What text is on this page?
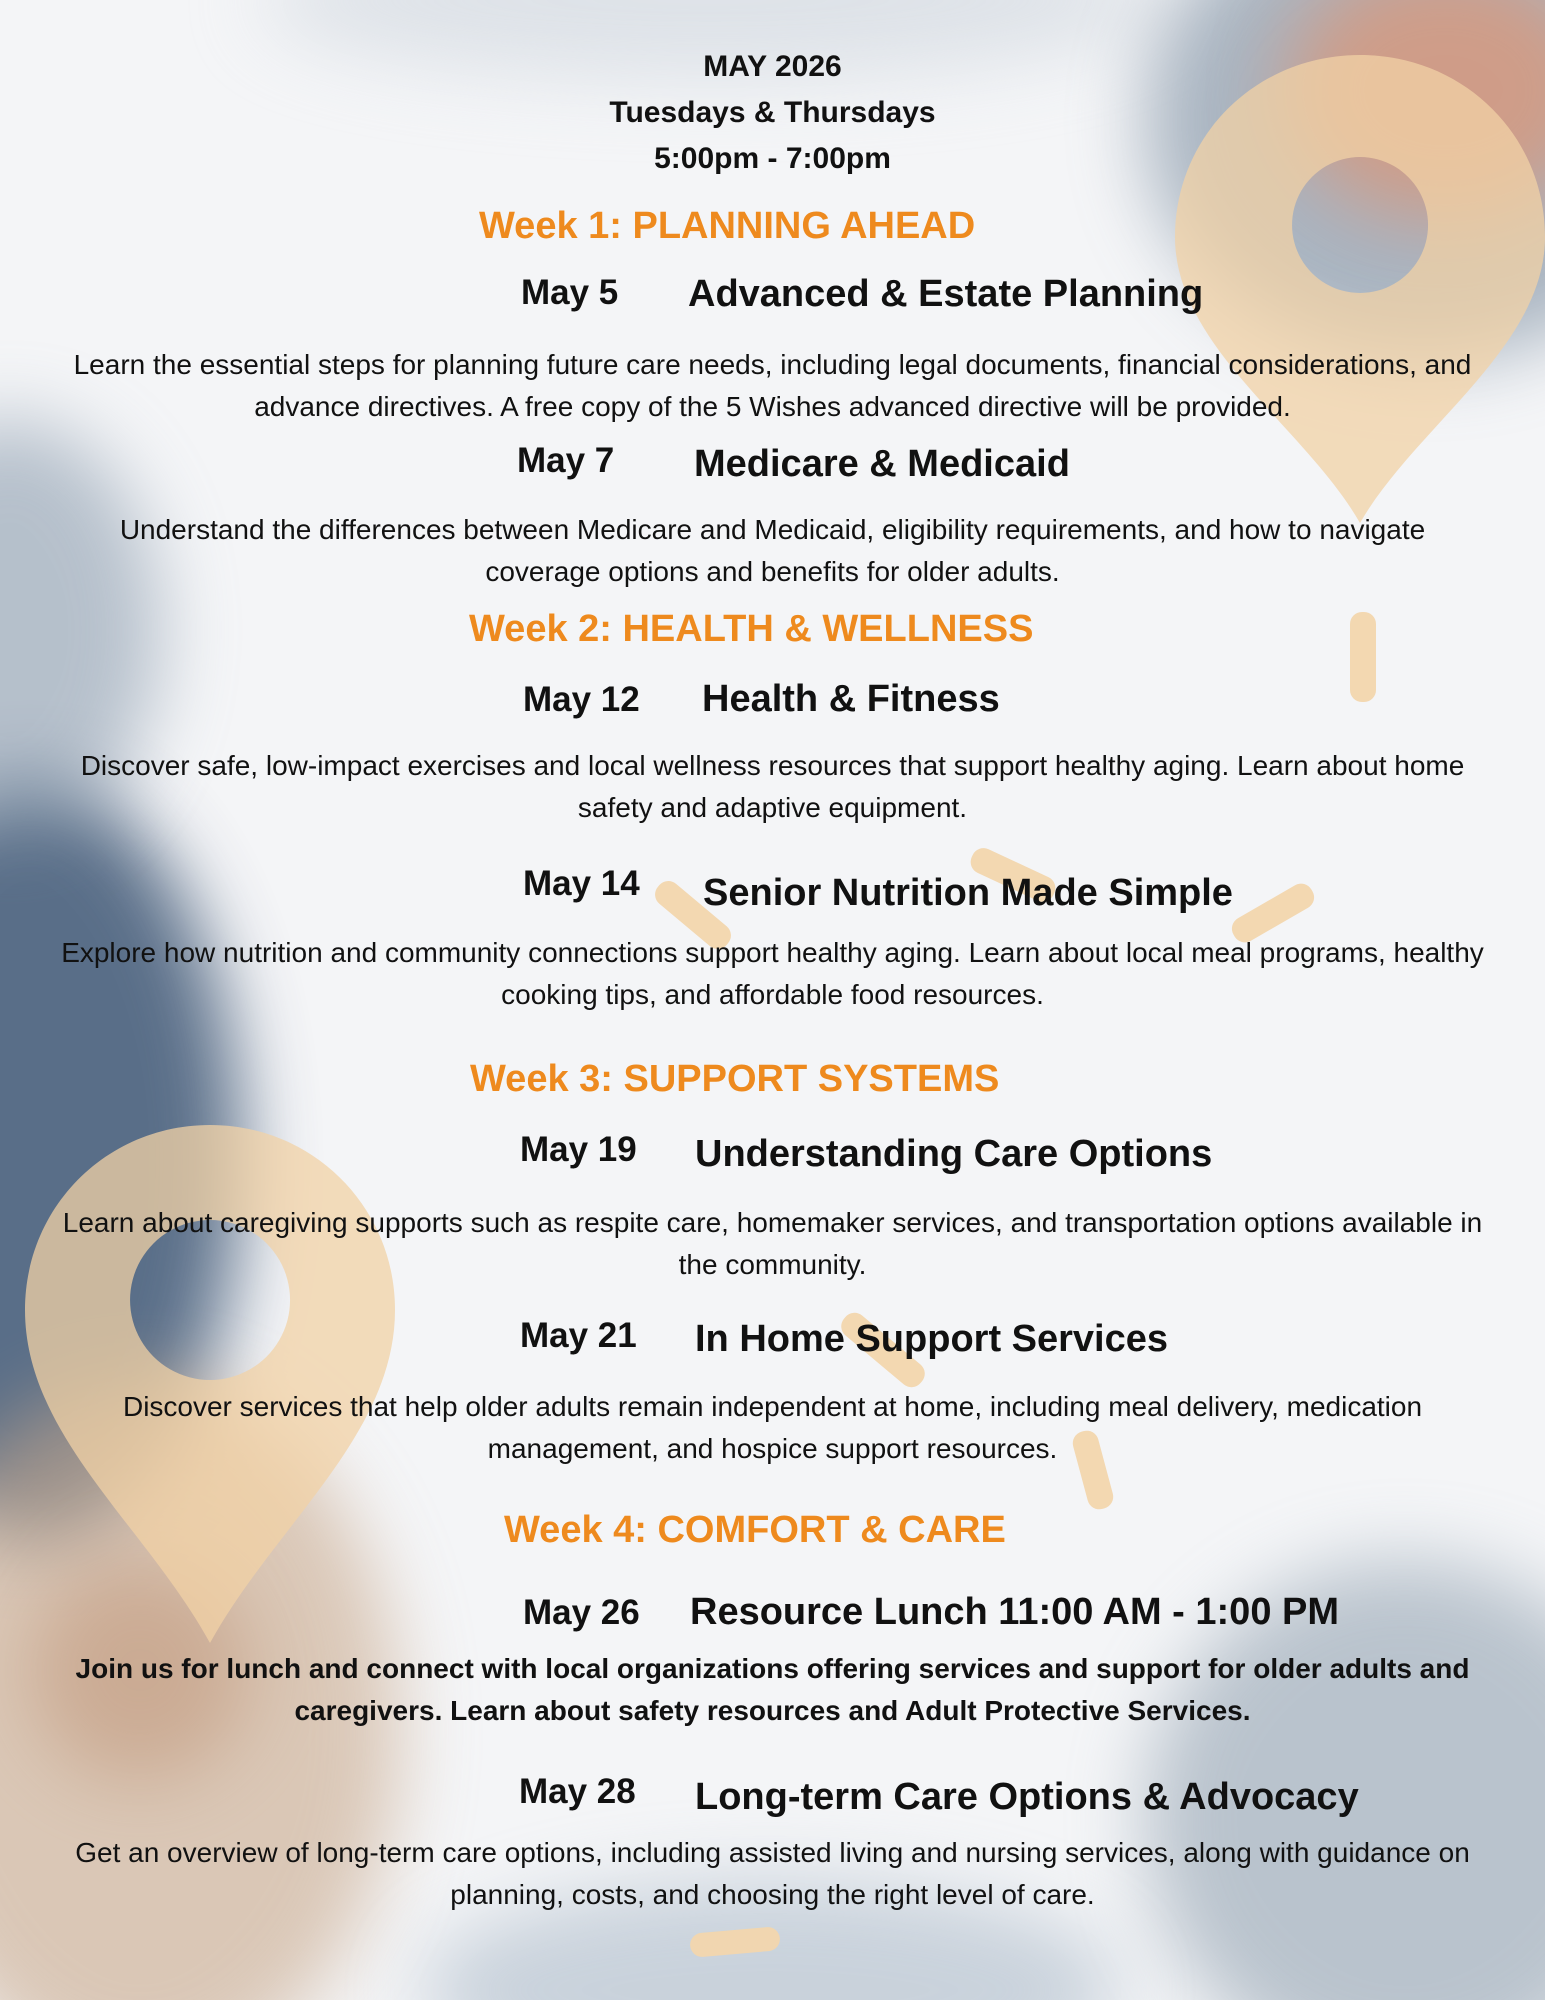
MAY 2026
Tuesdays & Thursdays
5:00pm - 7:00pm
Week 1: PLANNING AHEAD
May 5 Advanced & Estate Planning
Learn the essential steps for planning future care needs, including legal documents, financial considerations, and advance directives. A free copy of the 5 Wishes advanced directive will be provided.
May 7 Medicare & Medicaid
Understand the differences between Medicare and Medicaid, eligibility requirements, and how to navigate coverage options and benefits for older adults.
Week 2: HEALTH & WELLNESS
May 12 Health & Fitness
Discover safe, low-impact exercises and local wellness resources that support healthy aging. Learn about home safety and adaptive equipment.
May 14 Senior Nutrition Made Simple
Explore how nutrition and community connections support healthy aging. Learn about local meal programs, healthy cooking tips, and affordable food resources.
Week 3: SUPPORT SYSTEMS
May 19 Understanding Care Options
Learn about caregiving supports such as respite care, homemaker services, and transportation options available in the community.
May 21 In Home Support Services
Discover services that help older adults remain independent at home, including meal delivery, medication management, and hospice support resources.
Week 4: COMFORT & CARE
May 26 Resource Lunch 11:00 AM - 1:00 PM
Join us for lunch and connect with local organizations offering services and support for older adults and caregivers. Learn about safety resources and Adult Protective Services.
May 28 Long-term Care Options & Advocacy
Get an overview of long-term care options, including assisted living and nursing services, along with guidance on planning, costs, and choosing the right level of care.
